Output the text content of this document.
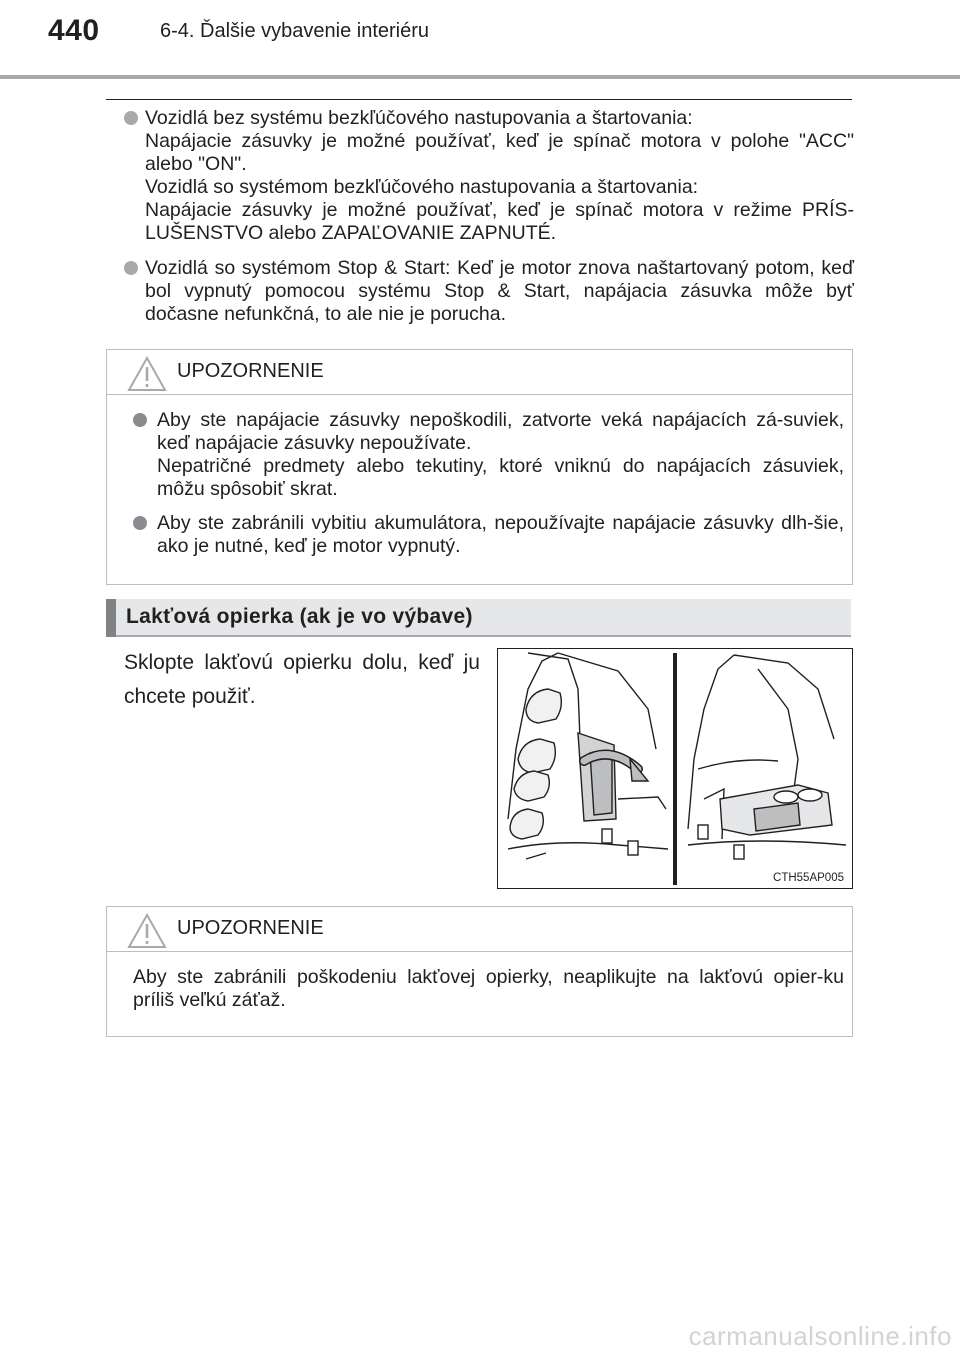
440	6-4. Ďalšie vybavenie interiéru

Vozidlá bez systému bezkľúčového nastupovania a štartovania:

Napájacie zásuvky je možné používať, keď je spínač motora v polohe "ACC" alebo "ON".

Vozidlá so systémom bezkľúčového nastupovania a štartovania:

Napájacie zásuvky je možné používať, keď je spínač motora v režime PRÍS-LUŠENSTVO alebo ZAPAĽOVANIE ZAPNUTÉ.

Vozidlá so systémom Stop & Start: Keď je motor znova naštartovaný potom, keď bol vypnutý pomocou systému Stop & Start, napájacia zásuvka môže byť dočasne nefunkčná, to ale nie je porucha.

UPOZORNENIE

Aby ste napájacie zásuvky nepoškodili, zatvorte veká napájacích zá-suviek, keď napájacie zásuvky nepoužívate.

Nepatričné predmety alebo tekutiny, ktoré vniknú do napájacích zásuviek, môžu spôsobiť skrat.

Aby ste zabránili vybitiu akumulátora, nepoužívajte napájacie zásuvky dlh-šie, ako je nutné, keď je motor vypnutý.

Lakťová opierka (ak je vo výbave)
Sklopte lakťovú opierku dolu, keď ju chcete použiť.
CTH55AP005
UPOZORNENIE

Aby ste zabránili poškodeniu lakťovej opierky, neaplikujte na lakťovú opier-ku príliš veľkú záťaž.

carmanualsonline.info
